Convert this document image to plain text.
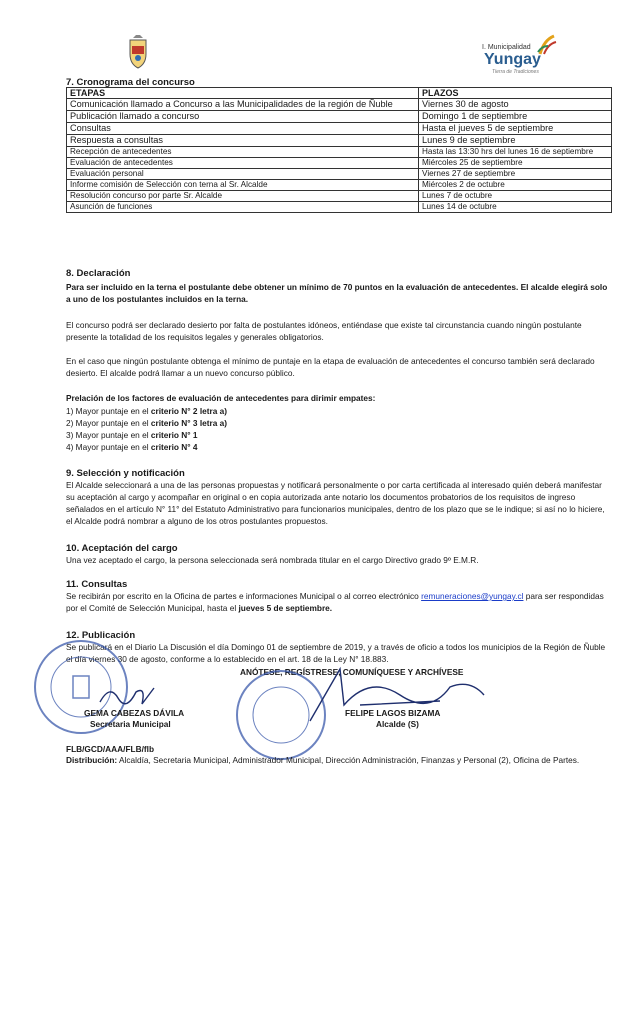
I. Municipalidad
Yungay
Tierra de Tradiciones
7. Cronograma del concurso
ETAPAS	PLAZOS
Comunicación llamado a Concurso a las Municipalidades de la región de Ñuble	Viernes 30 de agosto
Publicación llamado a concurso	Domingo 1 de septiembre
Consultas	Hasta el jueves 5 de septiembre
Respuesta a consultas	Lunes 9 de septiembre
Recepción de antecedentes	Hasta las 13:30 hrs del lunes 16 de septiembre
Evaluación de antecedentes	Miércoles 25 de septiembre
Evaluación personal	Viernes 27 de septiembre
Informe comisión de Selección con terna al Sr. Alcalde	Miércoles 2 de octubre
Resolución concurso por parte Sr. Alcalde	Lunes 7 de octubre
Asunción de funciones	Lunes 14 de octubre
8. Declaración
Para ser incluido en la terna el postulante debe obtener un mínimo de 70 puntos en la evaluación de antecedentes. El alcalde elegirá solo a uno de los postulantes incluidos en la terna.
El concurso podrá ser declarado desierto por falta de postulantes idóneos, entiéndase que existe tal circunstancia cuando ningún postulante presente la totalidad de los requisitos legales y generales obligatorios.
En el caso que ningún postulante obtenga el mínimo de puntaje en la etapa de evaluación de antecedentes el concurso también será declarado desierto. El alcalde podrá llamar a un nuevo concurso público.
Prelación de los factores de evaluación de antecedentes para dirimir empates:
1) Mayor puntaje en el criterio N° 2 letra a)
2) Mayor puntaje en el criterio N° 3 letra a)
3) Mayor puntaje en el criterio N° 1
4) Mayor puntaje en el criterio N° 4
9. Selección y notificación
El Alcalde seleccionará a una de las personas propuestas y notificará personalmente o por carta certificada al interesado quién deberá manifestar su aceptación al cargo y acompañar en original o en copia autorizada ante notario los documentos probatorios de los requisitos de ingreso señalados en el artículo N° 11° del Estatuto Administrativo para funcionarios municipales, dentro de los plazo que se le indique; si así no lo hiciere, el Alcalde podrá nombrar a alguno de los otros postulantes propuestos.
10. Aceptación del cargo
Una vez aceptado el cargo, la persona seleccionada será nombrada titular en el cargo Directivo grado 9º E.M.R.
11. Consultas
Se recibirán por escrito en la Oficina de partes e informaciones Municipal o al correo electrónico remuneraciones@yungay.cl para ser respondidas por el Comité de Selección Municipal, hasta el jueves 5 de septiembre.
12. Publicación
Se publicará en el Diario La Discusión el día Domingo 01 de septiembre de 2019, y a través de oficio a todos los municipios de la Región de Ñuble el día viernes 30 de agosto, conforme a lo establecido en el art. 18 de la Ley N° 18.883.
ANÓTESE, REGÍSTRESE, COMUNÍQUESE Y ARCHÍVESE
GEMA CABEZAS DÁVILA
Secretaria Municipal
FELIPE LAGOS BIZAMA
Alcalde (S)
FLB/GCD/AAA/FLB/flb
Distribución: Alcaldía, Secretaria Municipal, Administrador Municipal, Dirección Administración, Finanzas y Personal (2), Oficina de Partes.
